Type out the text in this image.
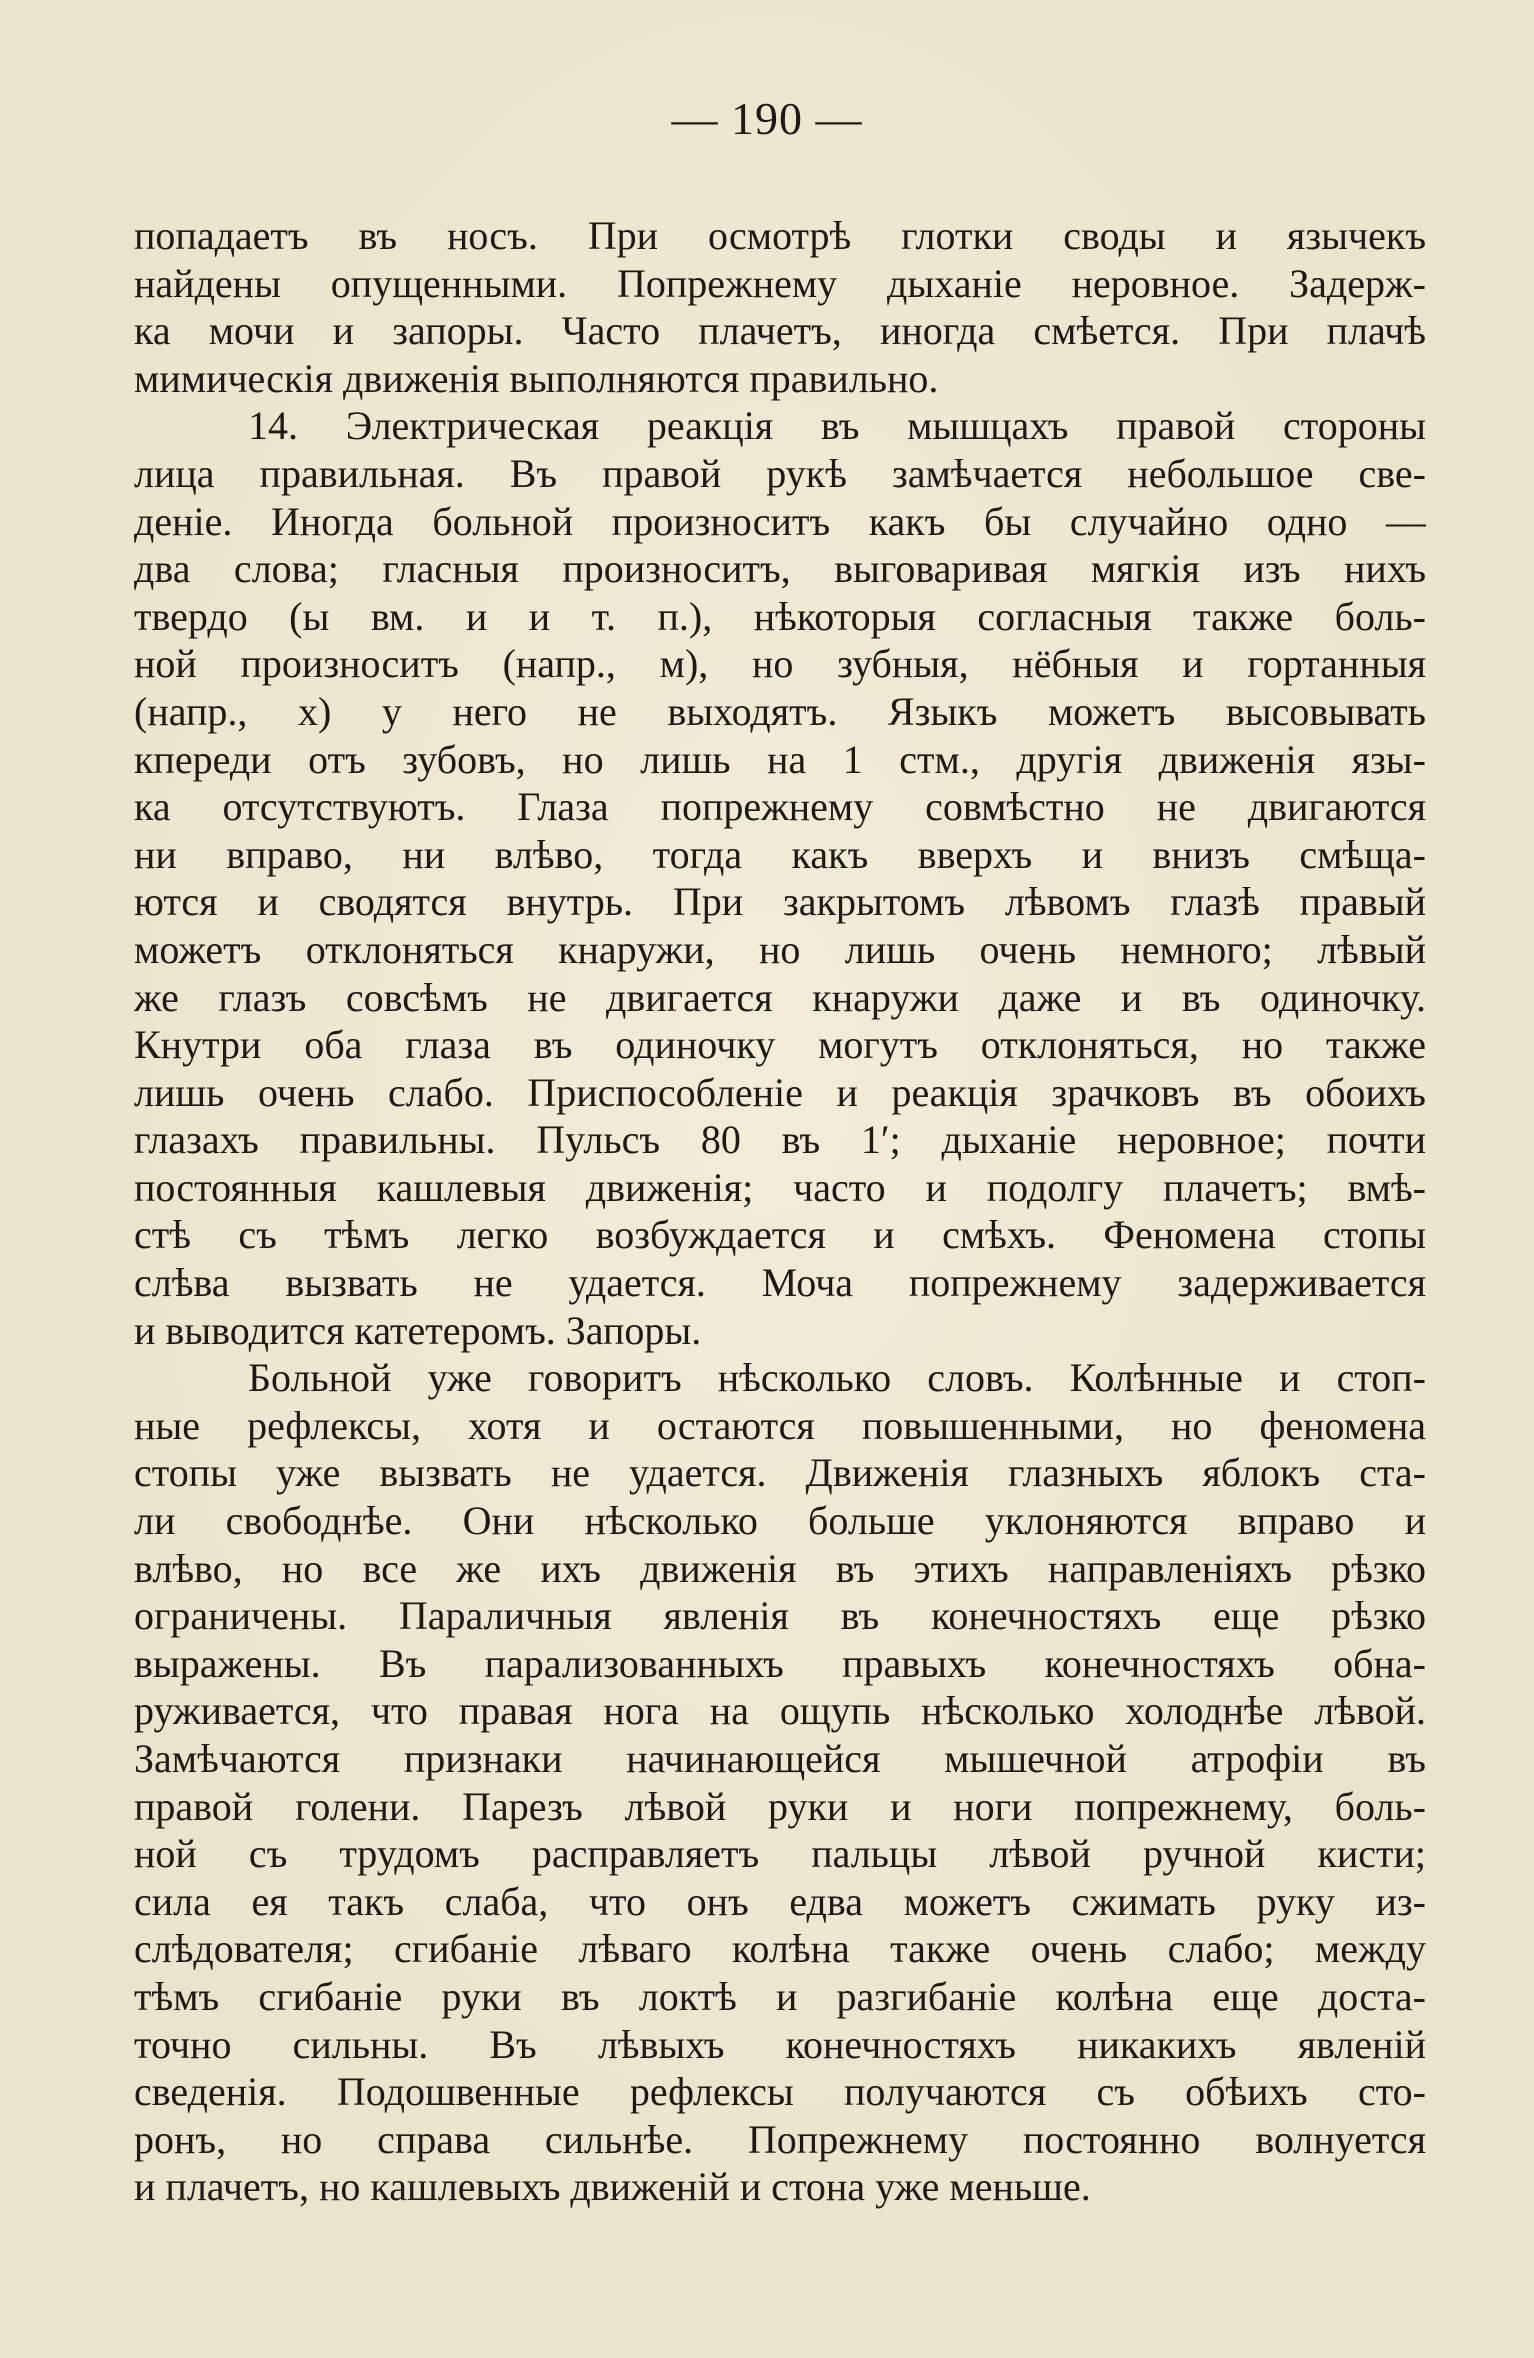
— 190 —
попадаетъ въ носъ. При осмотрѣ глотки своды и язычекъ
найдены опущенными. Попрежнему дыханіе неровное. Задерж-
ка мочи и запоры. Часто плачетъ, иногда смѣется. При плачѣ
мимическія движенія выполняются правильно.
14. Электрическая реакція въ мышцахъ правой стороны
лица правильная. Въ правой рукѣ замѣчается небольшое све-
деніе. Иногда больной произноситъ какъ бы случайно одно —
два слова; гласныя произноситъ, выговаривая мягкія изъ нихъ
твердо (ы вм. и и т. п.), нѣкоторыя согласныя также боль-
ной произноситъ (напр., м), но зубныя, нёбныя и гортанныя
(напр., х) у него не выходятъ. Языкъ можетъ высовывать
кпереди отъ зубовъ, но лишь на 1 стм., другія движенія язы-
ка отсутствуютъ. Глаза попрежнему совмѣстно не двигаются
ни вправо, ни влѣво, тогда какъ вверхъ и внизъ смѣща-
ются и сводятся внутрь. При закрытомъ лѣвомъ глазѣ правый
можетъ отклоняться кнаружи, но лишь очень немного; лѣвый
же глазъ совсѣмъ не двигается кнаружи даже и въ одиночку.
Кнутри оба глаза въ одиночку могутъ отклоняться, но также
лишь очень слабо. Приспособленіе и реакція зрачковъ въ обоихъ
глазахъ правильны. Пульсъ 80 въ 1′; дыханіе неровное; почти
постоянныя кашлевыя движенія; часто и подолгу плачетъ; вмѣ-
стѣ съ тѣмъ легко возбуждается и смѣхъ. Феномена стопы
слѣва вызвать не удается. Моча попрежнему задерживается
и выводится катетеромъ. Запоры.
Больной уже говоритъ нѣсколько словъ. Колѣнные и стоп-
ные рефлексы, хотя и остаются повышенными, но феномена
стопы уже вызвать не удается. Движенія глазныхъ яблокъ ста-
ли свободнѣе. Они нѣсколько больше уклоняются вправо и
влѣво, но все же ихъ движенія въ этихъ направленіяхъ рѣзко
ограничены. Параличныя явленія въ конечностяхъ еще рѣзко
выражены. Въ парализованныхъ правыхъ конечностяхъ обна-
руживается, что правая нога на ощупь нѣсколько холоднѣе лѣвой.
Замѣчаются признаки начинающейся мышечной атрофіи въ
правой голени. Парезъ лѣвой руки и ноги попрежнему, боль-
ной съ трудомъ расправляетъ пальцы лѣвой ручной кисти;
сила ея такъ слаба, что онъ едва можетъ сжимать руку из-
слѣдователя; сгибаніе лѣваго колѣна также очень слабо; между
тѣмъ сгибаніе руки въ локтѣ и разгибаніе колѣна еще доста-
точно сильны. Въ лѣвыхъ конечностяхъ никакихъ явленій
сведенія. Подошвенные рефлексы получаются съ обѣихъ сто-
ронъ, но справа сильнѣе. Попрежнему постоянно волнуется
и плачетъ, но кашлевыхъ движеній и стона уже меньше.
